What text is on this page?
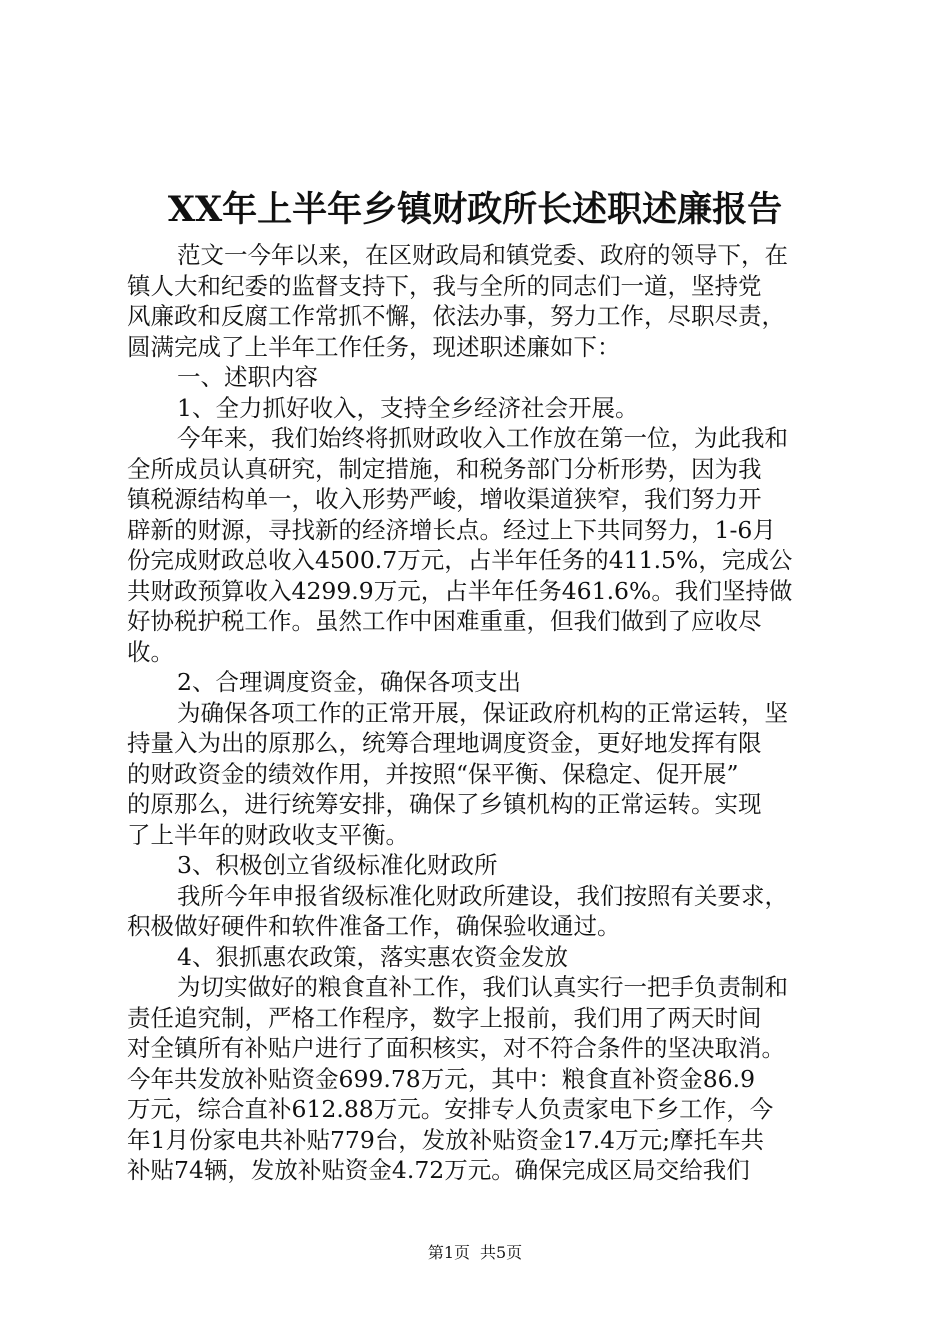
XX年上半年乡镇财政所长述职述廉报告
范文一今年以来，在区财政局和镇党委、政府的领导下，在
镇人大和纪委的监督支持下，我与全所的同志们一道，坚持党
风廉政和反腐工作常抓不懈，依法办事，努力工作，尽职尽责，
圆满完成了上半年工作任务，现述职述廉如下：
一、述职内容
1、全力抓好收入，支持全乡经济社会开展。
今年来，我们始终将抓财政收入工作放在第一位，为此我和
全所成员认真研究，制定措施，和税务部门分析形势，因为我
镇税源结构单一，收入形势严峻，增收渠道狭窄，我们努力开
辟新的财源，寻找新的经济增长点。经过上下共同努力，1-6月
份完成财政总收入4500.7万元，占半年任务的411.5%，完成公
共财政预算收入4299.9万元，占半年任务461.6%。我们坚持做
好协税护税工作。虽然工作中困难重重，但我们做到了应收尽
收。
2、合理调度资金，确保各项支出
为确保各项工作的正常开展，保证政府机构的正常运转，坚
持量入为出的原那么，统筹合理地调度资金，更好地发挥有限
的财政资金的绩效作用，并按照“保平衡、保稳定、促开展”
的原那么，进行统筹安排，确保了乡镇机构的正常运转。实现
了上半年的财政收支平衡。
3、积极创立省级标准化财政所
我所今年申报省级标准化财政所建设，我们按照有关要求，
积极做好硬件和软件准备工作，确保验收通过。
4、狠抓惠农政策，落实惠农资金发放
为切实做好的粮食直补工作，我们认真实行一把手负责制和
责任追究制，严格工作程序，数字上报前，我们用了两天时间
对全镇所有补贴户进行了面积核实，对不符合条件的坚决取消。
今年共发放补贴资金699.78万元，其中：粮食直补资金86.9
万元，综合直补612.88万元。安排专人负责家电下乡工作，今
年1月份家电共补贴779台，发放补贴资金17.4万元;摩托车共
补贴74辆，发放补贴资金4.72万元。确保完成区局交给我们
第1页 共5页
